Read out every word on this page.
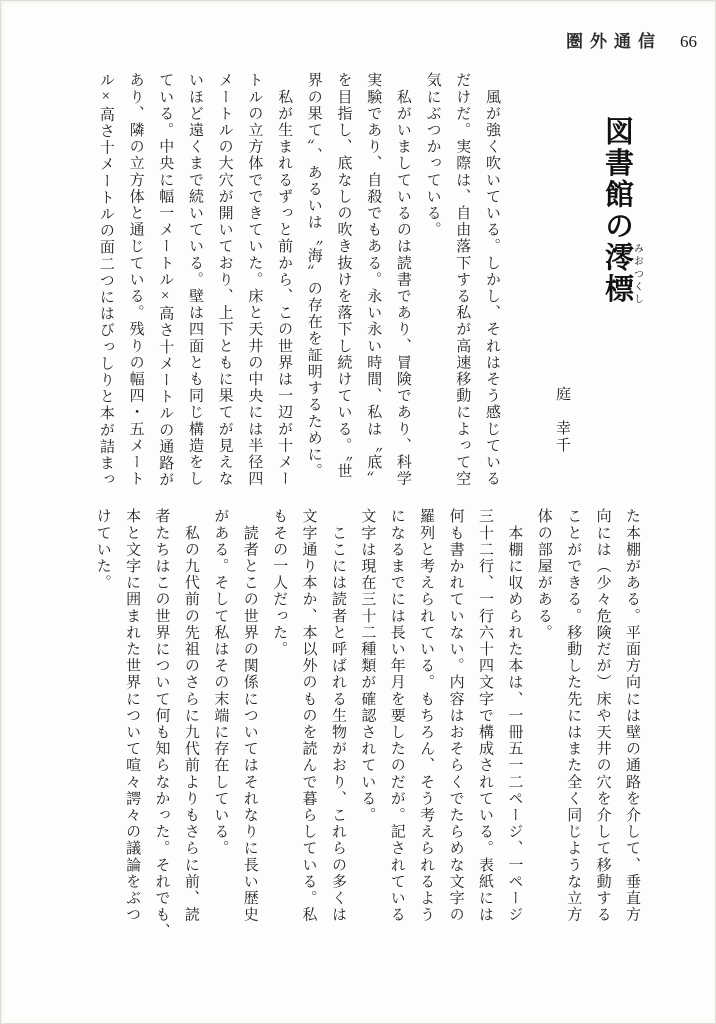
圏外通信 66
図書館の澪標みおつくし
庭　幸千
　風が強く吹いている。しかし、それはそう感じている
だけだ。実際は、自由落下する私が高速移動によって空
気にぶつかっている。
　私がいましているのは読書であり、冒険であり、科学
実験であり、自殺でもある。永い永い時間、私は〝底〟
を目指し、底なしの吹き抜けを落下し続けている。〝世
界の果て〟、あるいは〝海〟の存在を証明するために。
　私が生まれるずっと前から、この世界は一辺が十メー
トルの立方体でできていた。床と天井の中央には半径四
メートルの大穴が開いており、上下ともに果てが見えな
いほど遠くまで続いている。壁は四面とも同じ構造をし
ている。中央に幅一メートル×高さ十メートルの通路が
あり、隣の立方体と通じている。残りの幅四・五メート
ル×高さ十メートルの面二つにはびっしりと本が詰まっ
た本棚がある。平面方向には壁の通路を介して、垂直方
向には（少々危険だが）床や天井の穴を介して移動する
ことができる。移動した先にはまた全く同じような立方
体の部屋がある。
　本棚に収められた本は、一冊五一二ページ、一ページ
三十二行、一行六十四文字で構成されている。表紙には
何も書かれていない。内容はおそらくでたらめな文字の
羅列と考えられている。もちろん、そう考えられるよう
になるまでには長い年月を要したのだが。記されている
文字は現在三十二種類が確認されている。
　ここには読者と呼ばれる生物がおり、これらの多くは
文字通り本か、本以外のものを読んで暮らしている。私
もその一人だった。
　読者とこの世界の関係についてはそれなりに長い歴史
がある。そして私はその末端に存在している。
　私の九代前の先祖のさらに九代前よりもさらに前、読
者たちはこの世界について何も知らなかった。それでも、
本と文字に囲まれた世界について喧々諤々の議論をぶつ
けていた。
